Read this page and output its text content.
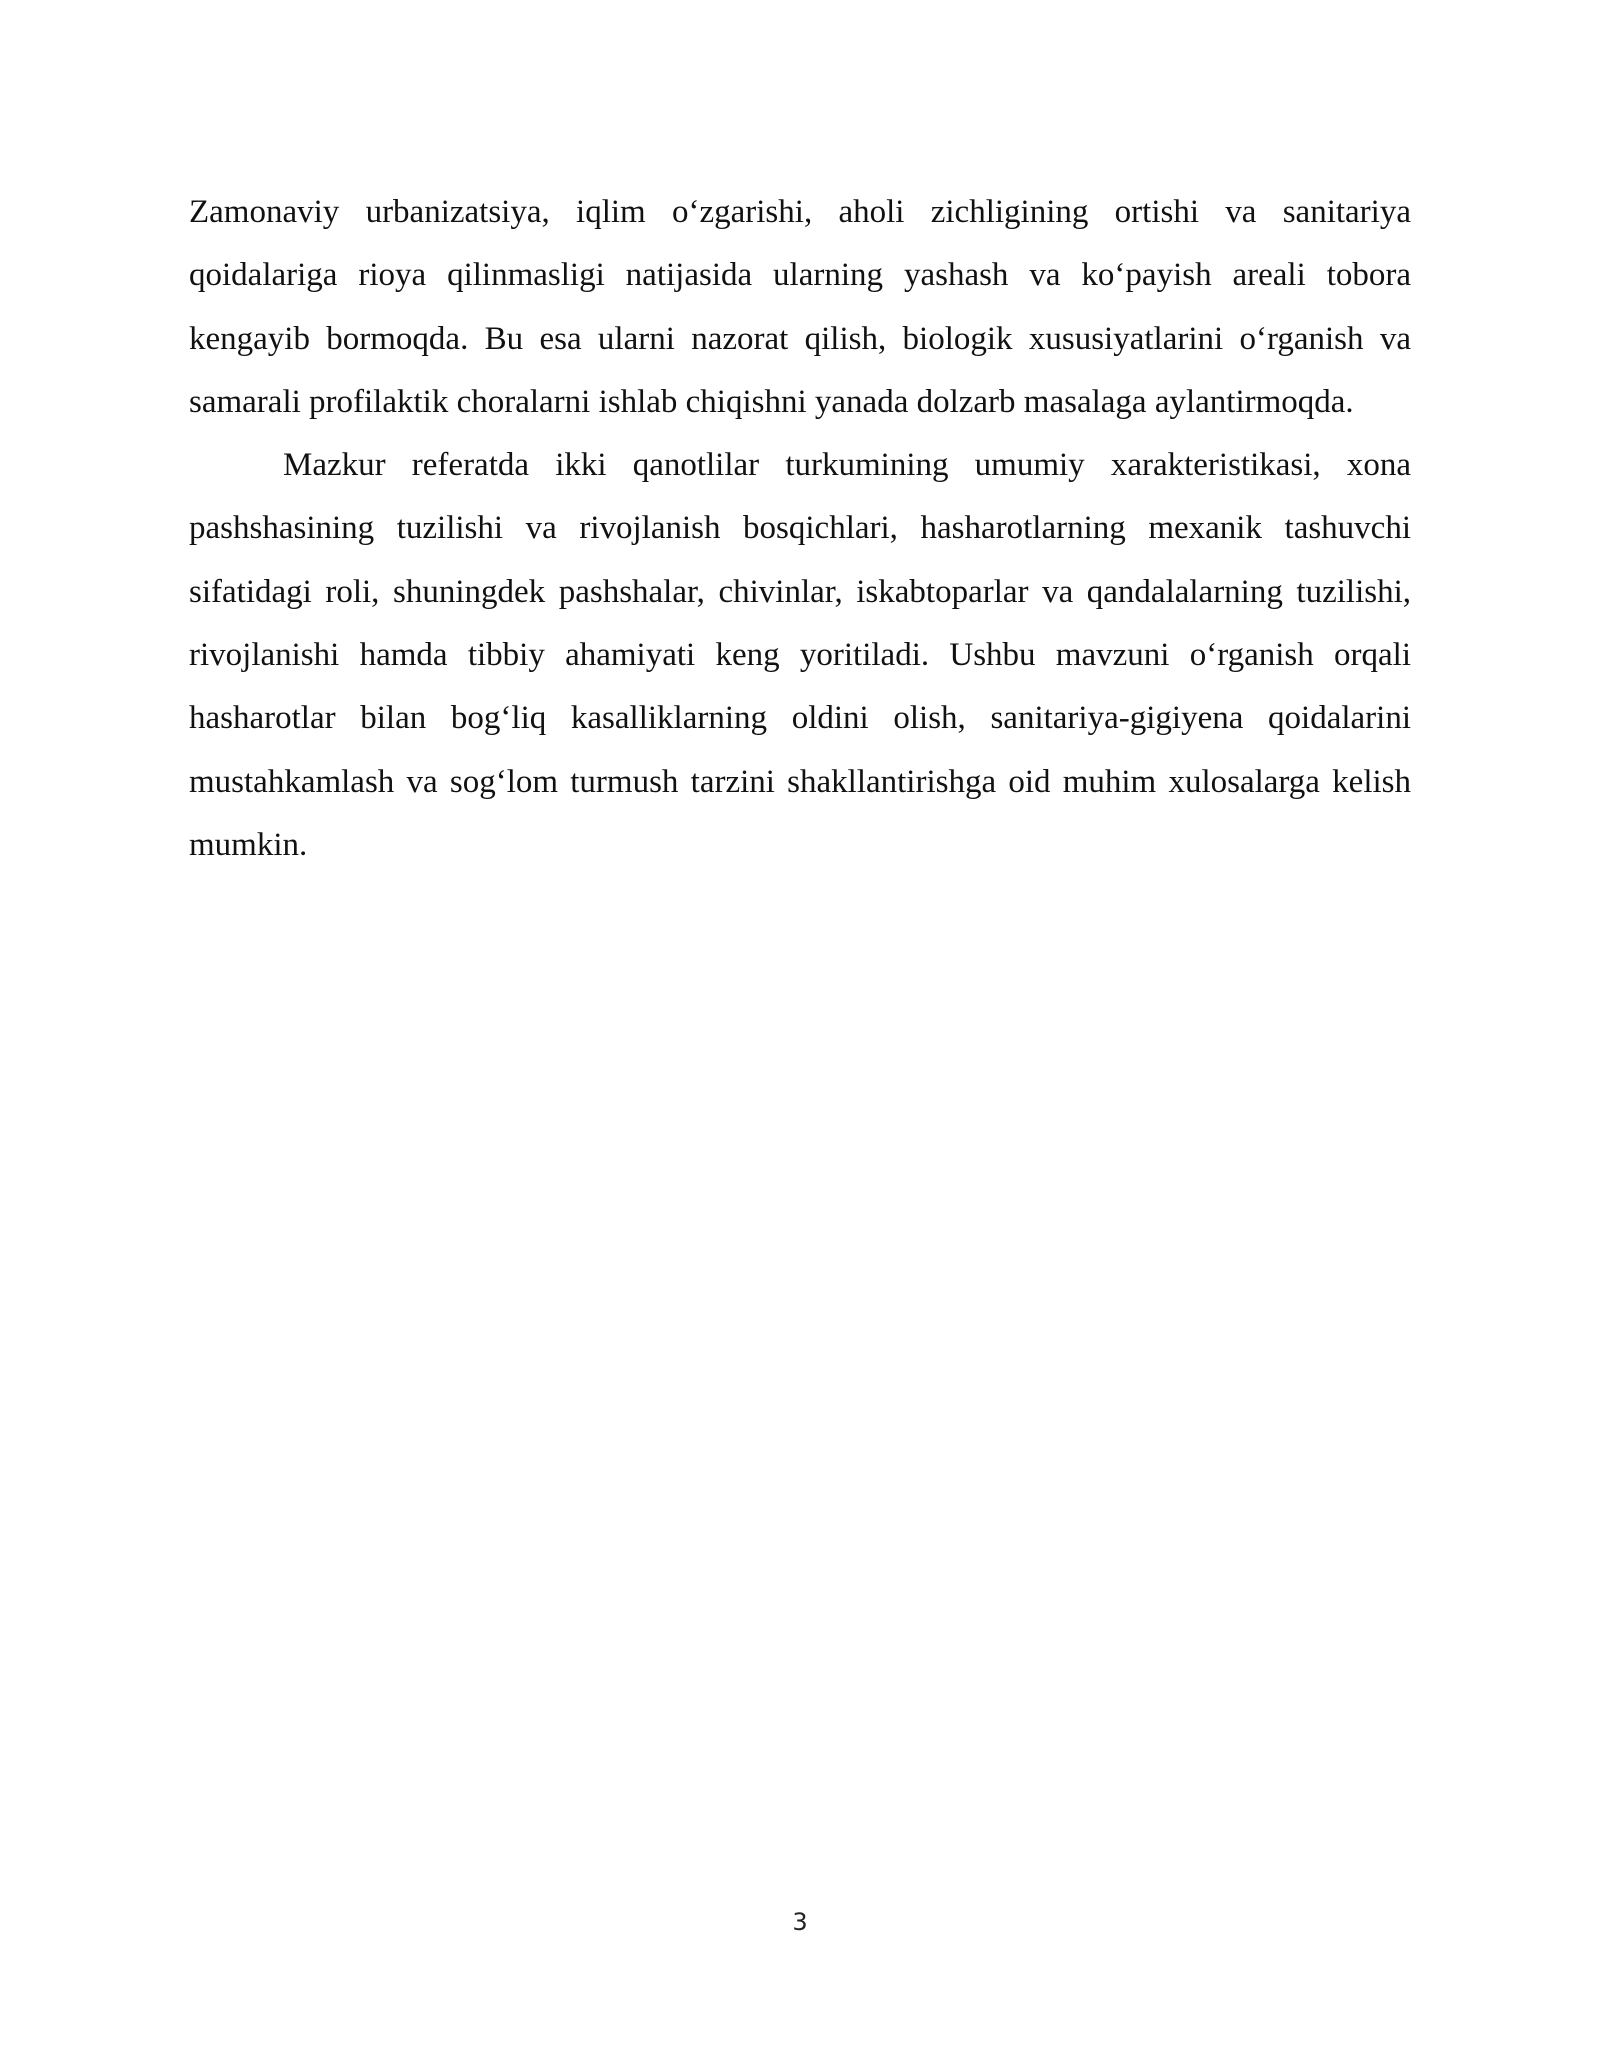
Zamonaviy urbanizatsiya, iqlim o‘zgarishi, aholi zichligining ortishi va sanitariya qoidalariga rioya qilinmasligi natijasida ularning yashash va ko‘payish areali tobora kengayib bormoqda. Bu esa ularni nazorat qilish, biologik xususiyatlarini o‘rganish va samarali profilaktik choralarni ishlab chiqishni yanada dolzarb masalaga aylantirmoqda.

Mazkur referatda ikki qanotlilar turkumining umumiy xarakteristikasi, xona pashshasining tuzilishi va rivojlanish bosqichlari, hasharotlarning mexanik tashuvchi sifatidagi roli, shuningdek pashshalar, chivinlar, iskabtoparlar va qandalalarning tuzilishi, rivojlanishi hamda tibbiy ahamiyati keng yoritiladi. Ushbu mavzuni o‘rganish orqali hasharotlar bilan bog‘liq kasalliklarning oldini olish, sanitariya-gigiyena qoidalarini mustahkamlash va sog‘lom turmush tarzini shakllantirishga oid muhim xulosalarga kelish mumkin.

3
